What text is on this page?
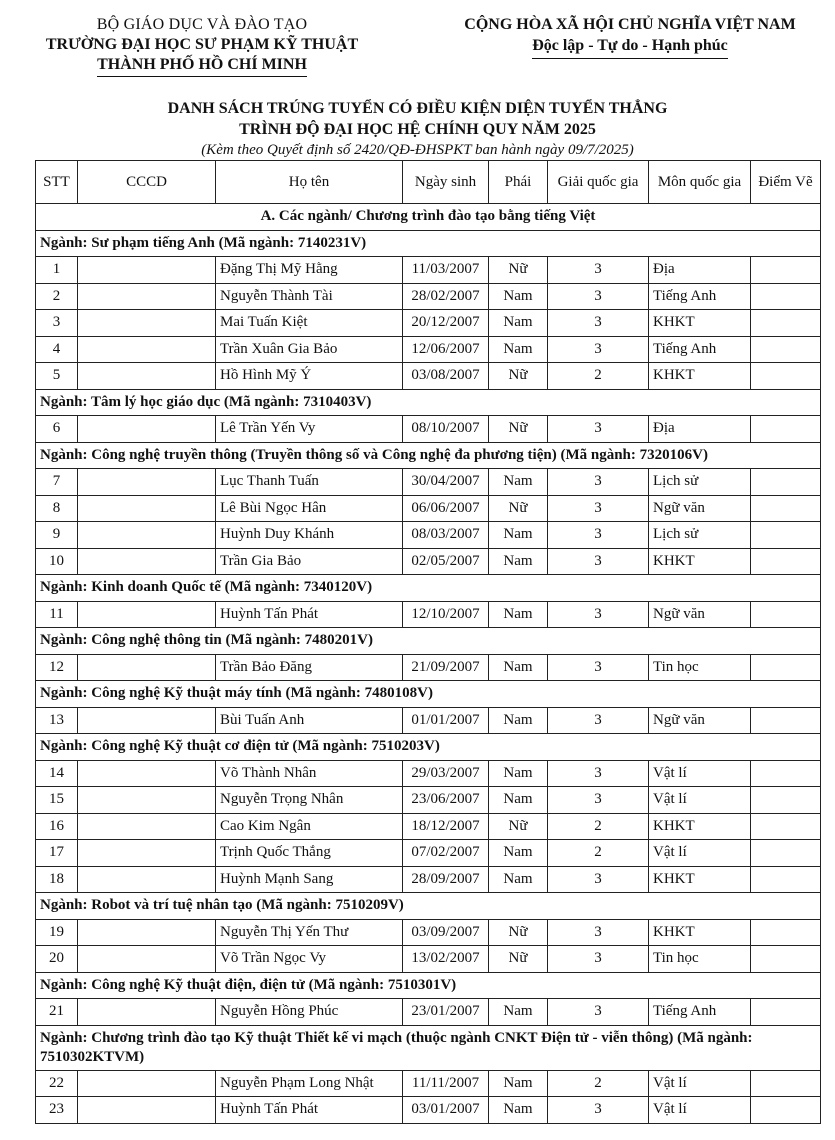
BỘ GIÁO DỤC VÀ ĐÀO TẠO
TRƯỜNG ĐẠI HỌC SƯ PHẠM KỸ THUẬT
THÀNH PHỐ HỒ CHÍ MINH
CỘNG HÒA XÃ HỘI CHỦ NGHĨA VIỆT NAM
Độc lập - Tự do - Hạnh phúc
DANH SÁCH TRÚNG TUYỂN CÓ ĐIỀU KIỆN DIỆN TUYỂN THẲNG
TRÌNH ĐỘ ĐẠI HỌC HỆ CHÍNH QUY NĂM 2025
(Kèm theo Quyết định số 2420/QĐ-ĐHSPKT ban hành ngày 09/7/2025)
STT	CCCD	Họ tên	Ngày sinh	Phái	Giải quốc gia	Môn quốc gia	Điểm Vẽ
A. Các ngành/ Chương trình đào tạo bằng tiếng Việt							
Ngành: Sư phạm tiếng Anh (Mã ngành: 7140231V)							
1		Đặng Thị Mỹ Hằng	11/03/2007	Nữ	3	Địa	
2		Nguyễn Thành Tài	28/02/2007	Nam	3	Tiếng Anh	
3		Mai Tuấn Kiệt	20/12/2007	Nam	3	KHKT	
4		Trần Xuân Gia Bảo	12/06/2007	Nam	3	Tiếng Anh	
5		Hồ Hình Mỹ Ý	03/08/2007	Nữ	2	KHKT	
Ngành: Tâm lý học giáo dục (Mã ngành: 7310403V)							
6		Lê Trần Yến Vy	08/10/2007	Nữ	3	Địa	
Ngành: Công nghệ truyền thông (Truyền thông số và Công nghệ đa phương tiện) (Mã ngành: 7320106V)							
7		Lục Thanh Tuấn	30/04/2007	Nam	3	Lịch sử	
8		Lê Bùi Ngọc Hân	06/06/2007	Nữ	3	Ngữ văn	
9		Huỳnh Duy Khánh	08/03/2007	Nam	3	Lịch sử	
10		Trần Gia Bảo	02/05/2007	Nam	3	KHKT	
Ngành: Kinh doanh Quốc tế (Mã ngành: 7340120V)							
11		Huỳnh Tấn Phát	12/10/2007	Nam	3	Ngữ văn	
Ngành: Công nghệ thông tin (Mã ngành: 7480201V)							
12		Trần Bảo Đăng	21/09/2007	Nam	3	Tin học	
Ngành: Công nghệ Kỹ thuật máy tính (Mã ngành: 7480108V)							
13		Bùi Tuấn Anh	01/01/2007	Nam	3	Ngữ văn	
Ngành: Công nghệ Kỹ thuật cơ điện tử (Mã ngành: 7510203V)							
14		Võ Thành Nhân	29/03/2007	Nam	3	Vật lí	
15		Nguyễn Trọng Nhân	23/06/2007	Nam	3	Vật lí	
16		Cao Kim Ngân	18/12/2007	Nữ	2	KHKT	
17		Trịnh Quốc Thắng	07/02/2007	Nam	2	Vật lí	
18		Huỳnh Mạnh Sang	28/09/2007	Nam	3	KHKT	
Ngành: Robot và trí tuệ nhân tạo (Mã ngành: 7510209V)							
19		Nguyễn Thị Yến Thư	03/09/2007	Nữ	3	KHKT	
20		Võ Trần Ngọc Vy	13/02/2007	Nữ	3	Tin học	
Ngành: Công nghệ Kỹ thuật điện, điện tử (Mã ngành: 7510301V)							
21		Nguyễn Hồng Phúc	23/01/2007	Nam	3	Tiếng Anh	
Ngành: Chương trình đào tạo Kỹ thuật Thiết kế vi mạch (thuộc ngành CNKT Điện tử - viễn thông) (Mã ngành: 7510302KTVM)							
22		Nguyễn Phạm Long Nhật	11/11/2007	Nam	2	Vật lí	
23		Huỳnh Tấn Phát	03/01/2007	Nam	3	Vật lí	
